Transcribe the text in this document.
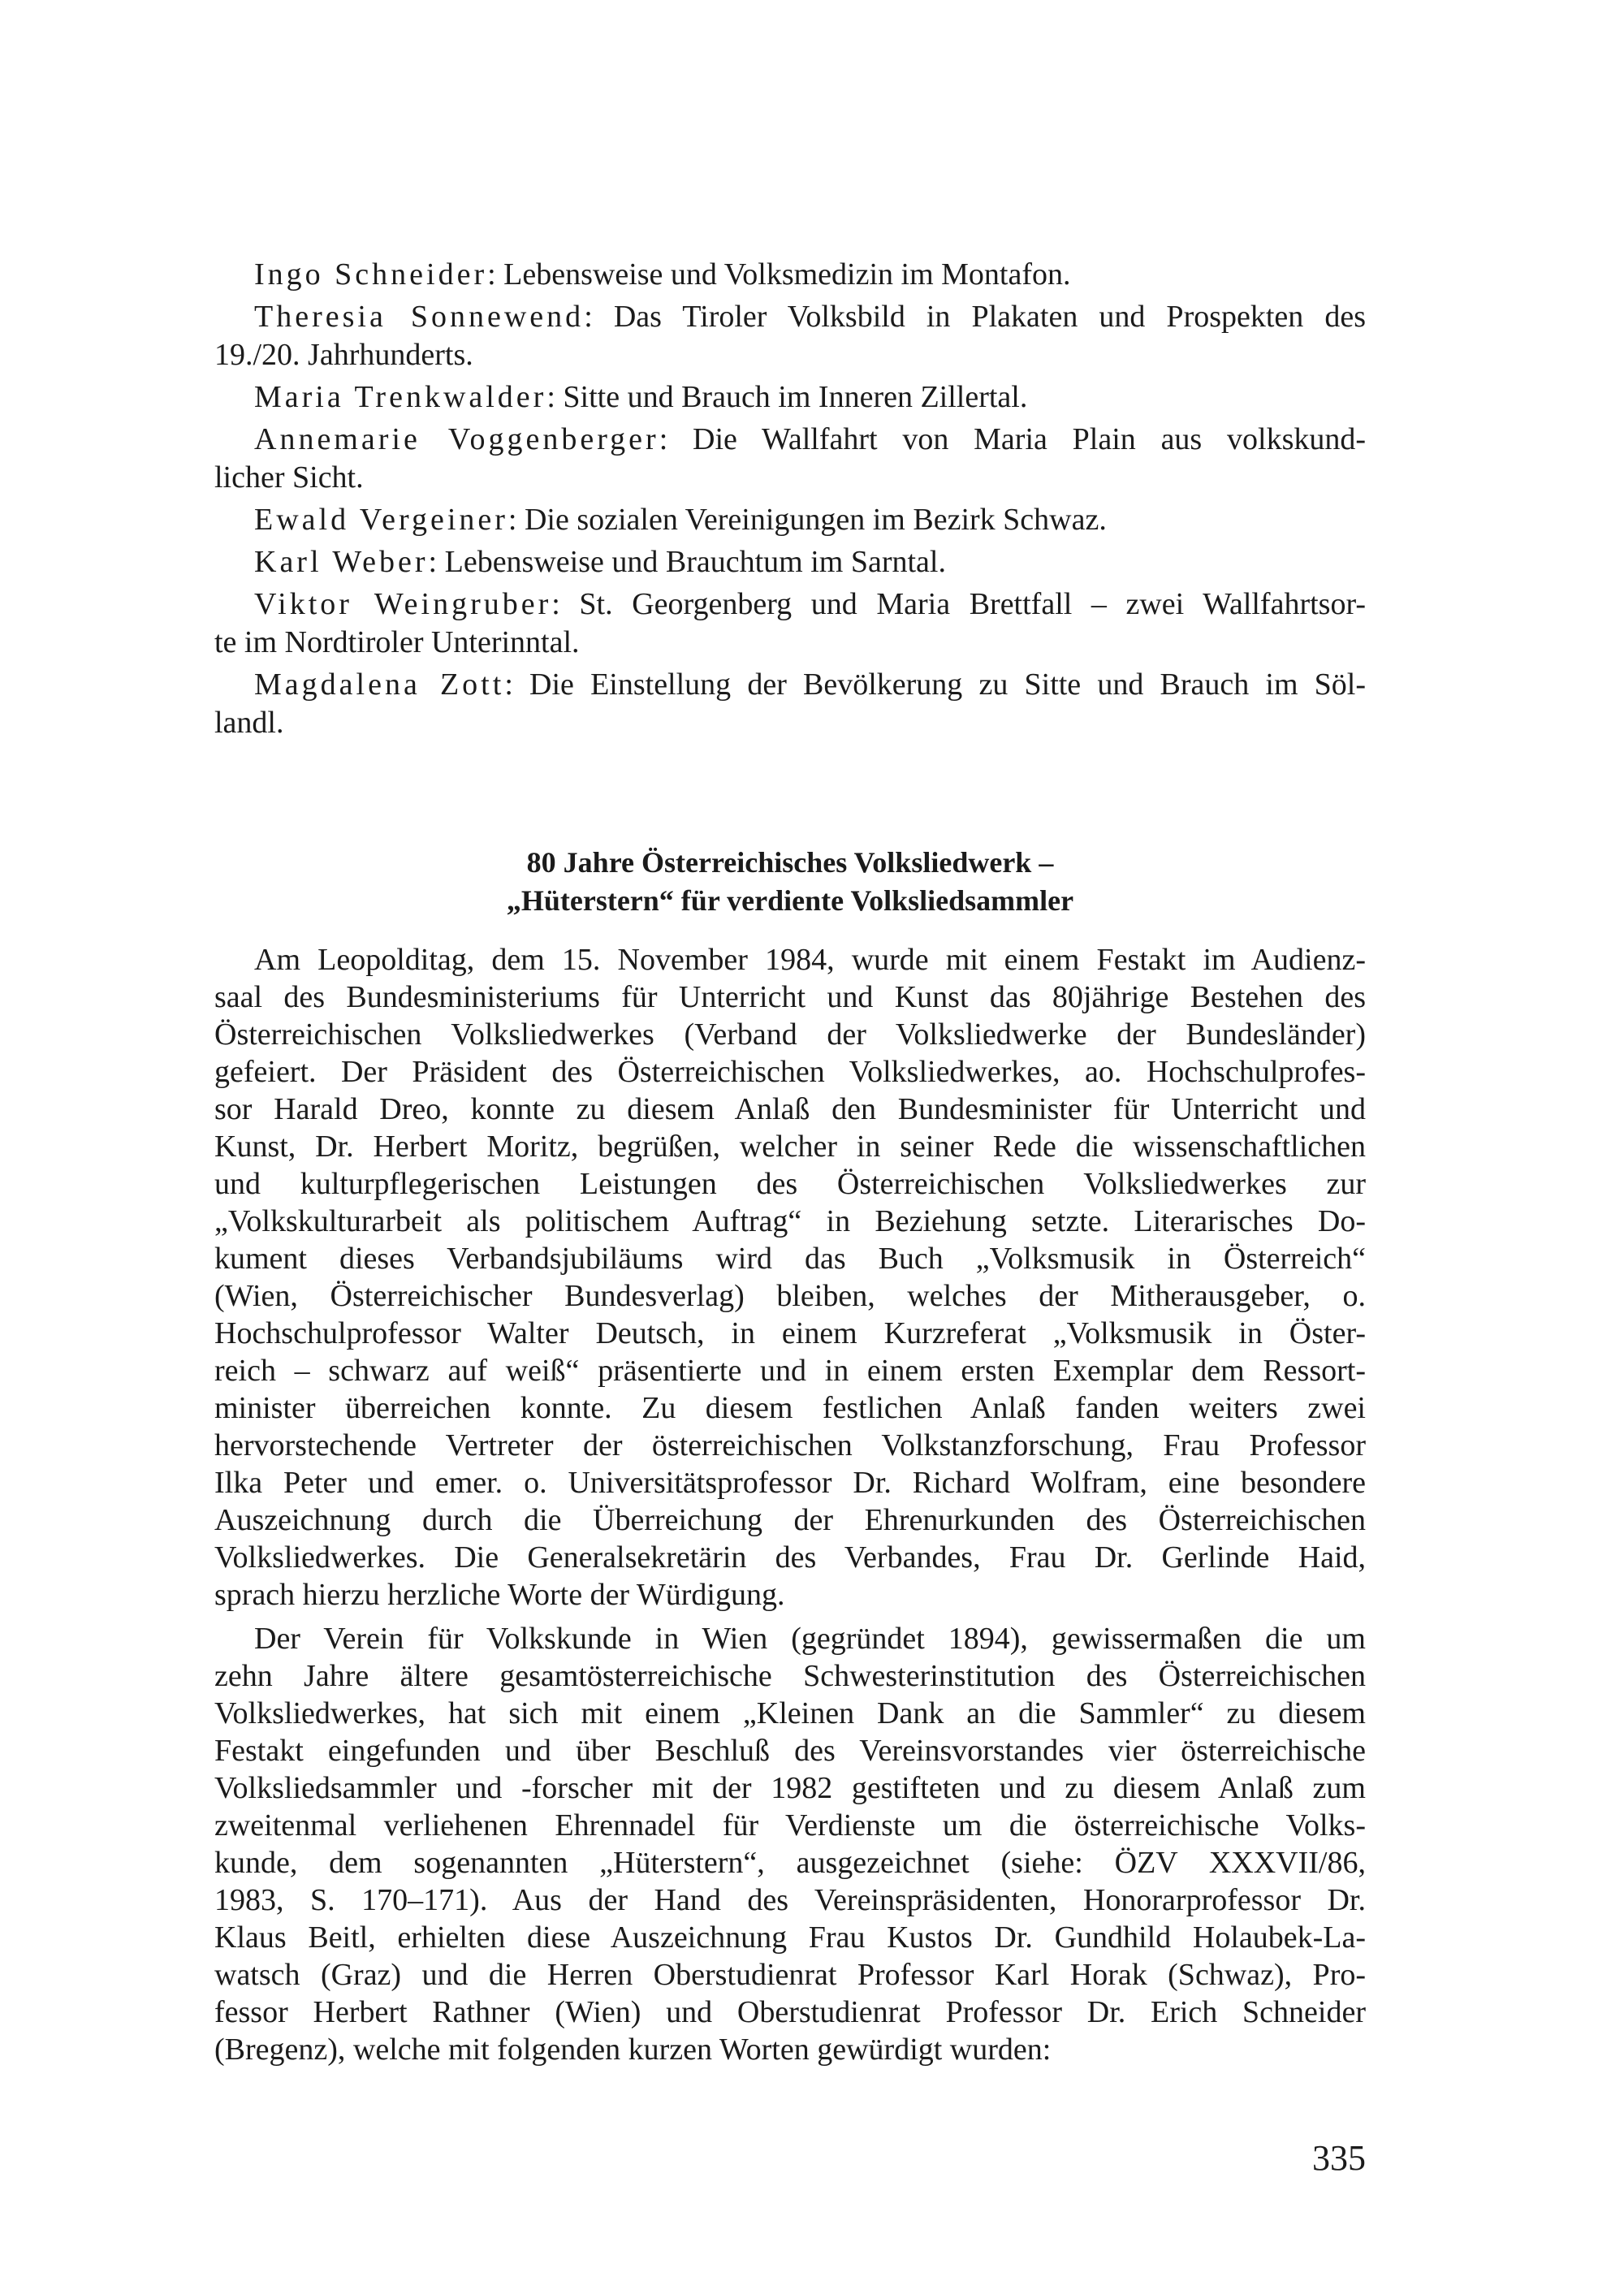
Ingo Schneider: Lebensweise und Volksmedizin im Montafon.
Theresia Sonnewend: Das Tiroler Volksbild in Plakaten und Prospekten des
19./20. Jahrhunderts.
Maria Trenkwalder: Sitte und Brauch im Inneren Zillertal.
Annemarie Voggenberger: Die Wallfahrt von Maria Plain aus volkskund-
licher Sicht.
Ewald Vergeiner: Die sozialen Vereinigungen im Bezirk Schwaz.
Karl Weber: Lebensweise und Brauchtum im Sarntal.
Viktor Weingruber: St. Georgenberg und Maria Brettfall – zwei Wallfahrtsor-
te im Nordtiroler Unterinntal.
Magdalena Zott: Die Einstellung der Bevölkerung zu Sitte und Brauch im Söl-
landl.
80 Jahre Österreichisches Volksliedwerk –
„Hüterstern“ für verdiente Volksliedsammler
Am Leopolditag, dem 15. November 1984, wurde mit einem Festakt im Audienz-
saal des Bundesministeriums für Unterricht und Kunst das 80jährige Bestehen des
Österreichischen Volksliedwerkes (Verband der Volksliedwerke der Bundesländer)
gefeiert. Der Präsident des Österreichischen Volksliedwerkes, ao. Hochschulprofes-
sor Harald Dreo, konnte zu diesem Anlaß den Bundesminister für Unterricht und
Kunst, Dr. Herbert Moritz, begrüßen, welcher in seiner Rede die wissenschaftlichen
und kulturpflegerischen Leistungen des Österreichischen Volksliedwerkes zur
„Volkskulturarbeit als politischem Auftrag“ in Beziehung setzte. Literarisches Do-
kument dieses Verbandsjubiläums wird das Buch „Volksmusik in Österreich“
(Wien, Österreichischer Bundesverlag) bleiben, welches der Mitherausgeber, o.
Hochschulprofessor Walter Deutsch, in einem Kurzreferat „Volksmusik in Öster-
reich – schwarz auf weiß“ präsentierte und in einem ersten Exemplar dem Ressort-
minister überreichen konnte. Zu diesem festlichen Anlaß fanden weiters zwei
hervorstechende Vertreter der österreichischen Volkstanzforschung, Frau Professor
Ilka Peter und emer. o. Universitätsprofessor Dr. Richard Wolfram, eine besondere
Auszeichnung durch die Überreichung der Ehrenurkunden des Österreichischen
Volksliedwerkes. Die Generalsekretärin des Verbandes, Frau Dr. Gerlinde Haid,
sprach hierzu herzliche Worte der Würdigung.
Der Verein für Volkskunde in Wien (gegründet 1894), gewissermaßen die um
zehn Jahre ältere gesamtösterreichische Schwesterinstitution des Österreichischen
Volksliedwerkes, hat sich mit einem „Kleinen Dank an die Sammler“ zu diesem
Festakt eingefunden und über Beschluß des Vereinsvorstandes vier österreichische
Volksliedsammler und -forscher mit der 1982 gestifteten und zu diesem Anlaß zum
zweitenmal verliehenen Ehrennadel für Verdienste um die österreichische Volks-
kunde, dem sogenannten „Hüterstern“, ausgezeichnet (siehe: ÖZV XXXVII/86,
1983, S. 170–171). Aus der Hand des Vereinspräsidenten, Honorarprofessor Dr.
Klaus Beitl, erhielten diese Auszeichnung Frau Kustos Dr. Gundhild Holaubek-La-
watsch (Graz) und die Herren Oberstudienrat Professor Karl Horak (Schwaz), Pro-
fessor Herbert Rathner (Wien) und Oberstudienrat Professor Dr. Erich Schneider
(Bregenz), welche mit folgenden kurzen Worten gewürdigt wurden:
335
